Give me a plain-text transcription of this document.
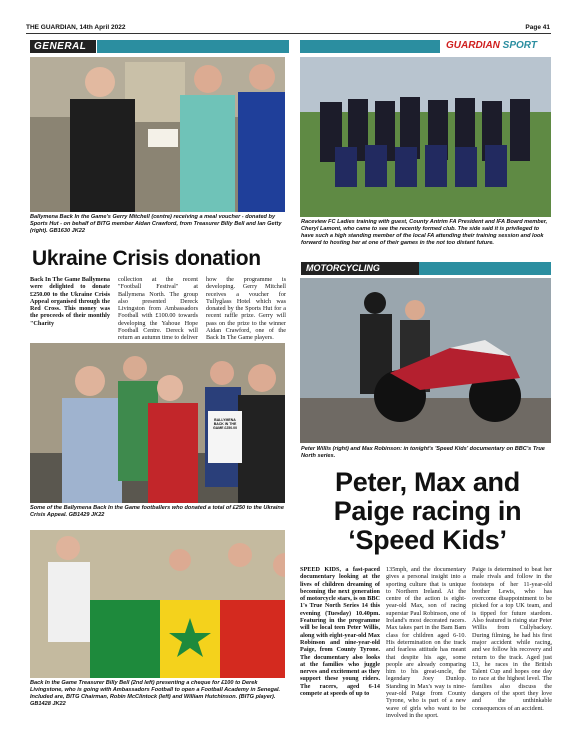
THE GUARDIAN, 14th April 2022	Page 41
GENERAL	GUARDIAN SPORT
Ballymena Back In the Game's Gerry Mitchell (centre) receiving a meal voucher - donated by Sports Hut - on behalf of BITG member Aidan Crawford, from Treasurer Billy Bell and Ian Getty (right). GB1630 JK22
Ukraine Crisis donation
Back In The Game Ballymena were delighted to donate £250.00 to the Ukraine Crisis Appeal organised through the Red Cross. This money was the proceeds of their monthly "Charity
collection at the recent "Football Festival" at Ballymena North. The group also presented Dereck Livingston from Ambassadors Football with £100.00 towards developing the Yahoue Hope Football Centre. Dereck will return an autumn time to deliver
how the programme is developing. Gerry Mitchell receives a voucher for Tullyglass Hotel which was donated by the Sports Hut for a recent raffle prize. Gerry will pass on the prize to the winner Aidan Crawford, one of the Back In The Game players.
BALLYMENA BACK IN THE GAME £250.00
Some of the Ballymena Back In the Game footballers who donated a total of £250 to the Ukraine Crisis Appeal. GB1429 JK22
Back In the Game Treasurer Billy Bell (2nd left) presenting a cheque for £100 to Derek Livingstone, who is going with Ambassadors Football to open a Football Academy in Senegal. Included are, BITG Chairman, Robin McClintock (left) and William Hutchinson. (BITG player). GB1428 JK22
Raceview FC Ladies training with guest, County Antrim FA President and IFA Board member, Cheryl Lamont, who came to see the recently formed club. The side said it is privileged to have such a high standing member of the local FA attending their training session and look forward to hosting her at one of their games in the not too distant future.
MOTORCYCLING
Peter Willis (right) and Max Robinson: in tonight's 'Speed Kids' documentary on BBC's True North series.
Peter, Max and Paige racing in ‘Speed Kids’
SPEED KIDS, a fast-paced documentary looking at the lives of children dreaming of becoming the next generation of motorcycle stars, is on BBC 1's True North Series 14 this evening (Tuesday) 10.40pm. Featuring in the programme will be local teen Peter Willis, along with eight-year-old Max Robinson and nine-year-old Paige, from County Tyrone. The documentary also looks at the families who juggle nerves and excitement as they support these young riders. The racers, aged 6-14 compete at speeds of up to
135mph, and the documentary gives a personal insight into a sporting culture that is unique to Northern Ireland. At the centre of the action is eight-year-old Max, son of racing superstar Paul Robinson, one of Ireland's most decorated racers. Max takes part in the Bam Bam class for children aged 6-10. His determination on the track and fearless attitude has meant that despite his age, some people are already comparing him to his great-uncle, the legendary Joey Dunlop. Standing in Max's way is nine-year-old Paige from County Tyrone, who is part of a new wave of girls who want to be involved in the sport.
Paige is determined to beat her male rivals and follow in the footsteps of her 11-year-old brother Lewis, who has overcome disappointment to be picked for a top UK team, and is tipped for future stardom. Also featured is rising star Peter Willis from Cullybackey. During filming, he had his first major accident while racing, and we follow his recovery and return to the track. Aged just 13, he races in the British Talent Cup and hopes one day to race at the highest level. The families also discuss the dangers of the sport they love and the unthinkable consequences of an accident.
